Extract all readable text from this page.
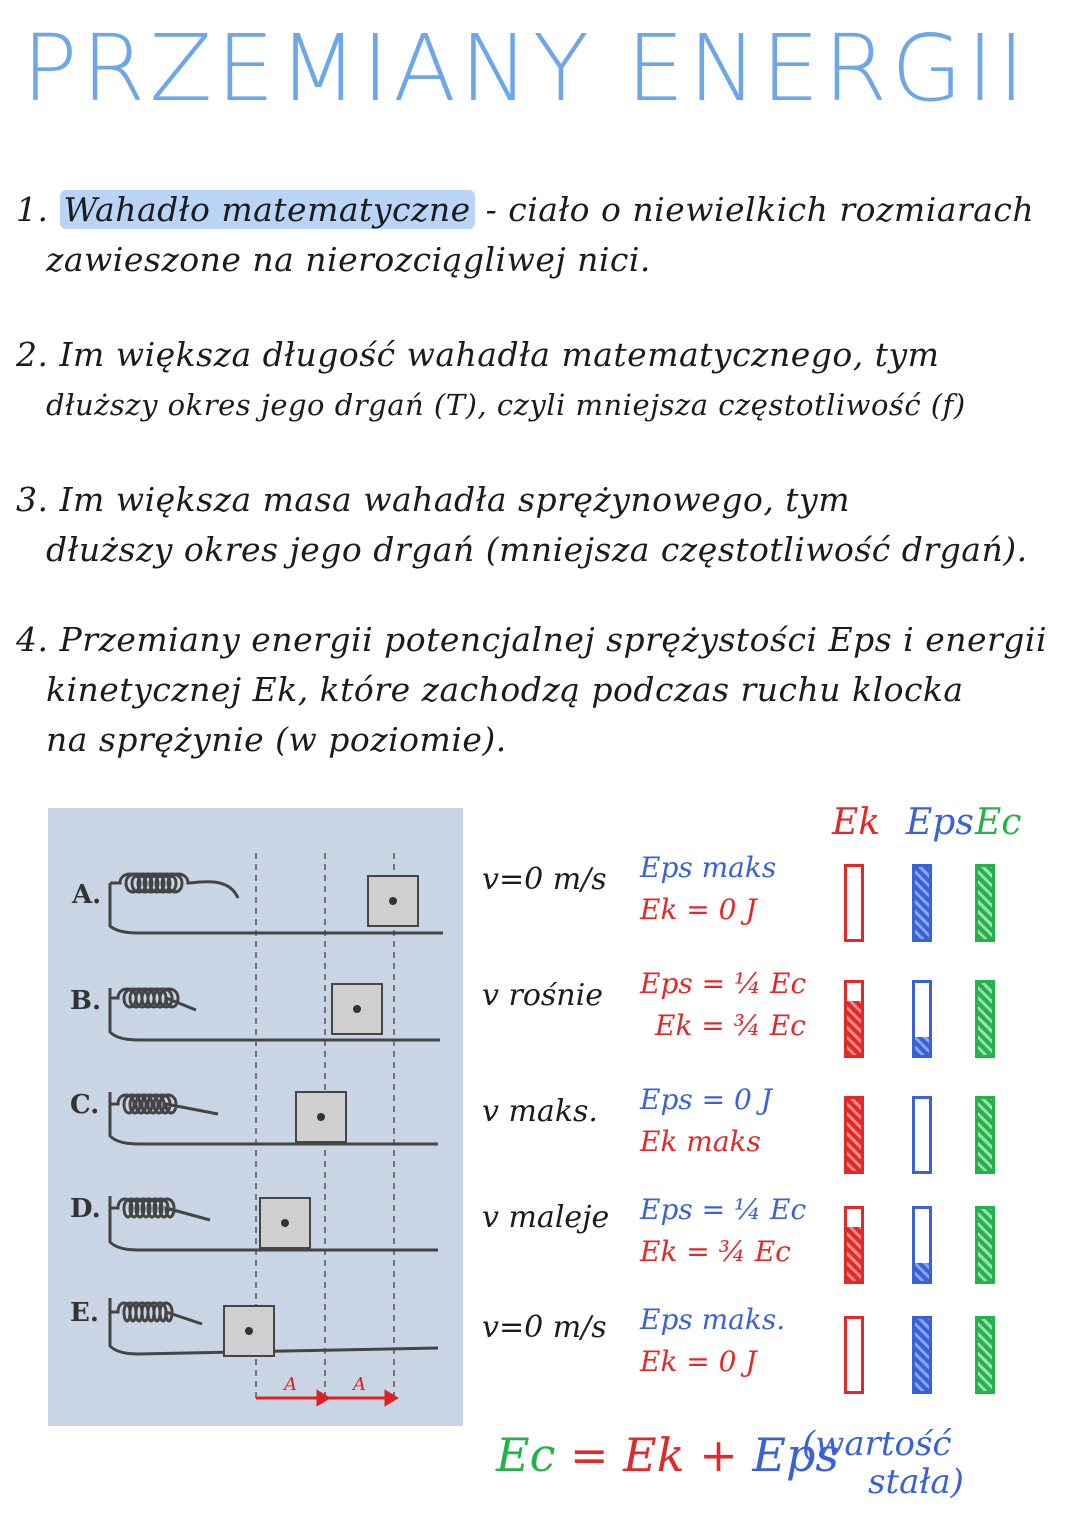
PRZEMIANY ENERGII
1. Wahadło matematyczne - ciało o niewielkich rozmiarach
zawieszone na nierozciągliwej nici.
2. Im większa długość wahadła matematycznego, tym
dłuższy okres jego drgań (T), czyli mniejsza częstotliwość (f)
3. Im większa masa wahadła sprężynowego, tym
dłuższy okres jego drgań (mniejsza częstotliwość drgań).
4. Przemiany energii potencjalnej sprężystości Eps i energii
kinetycznej Ek, które zachodzą podczas ruchu klocka
na sprężynie (w poziomie).
A	A
A.
B.
C.
D.
E.
Ek Eps Ec
v=0 m/s Eps maks
Ek = 0 J
v rośnie Eps = ¼ Ec
Ek = ¾ Ec
v maks. Eps = 0 J
Ek maks
v maleje Eps = ¼ Ec
Ek = ¾ Ec
v=0 m/s Eps maks.
Ek = 0 J
Ec = Ek + Eps
(wartość
stała)
